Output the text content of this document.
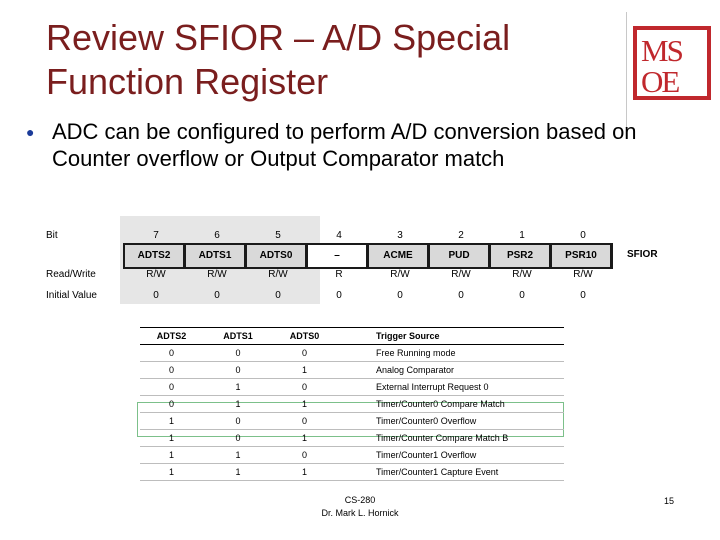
Review SFIOR – A/D Special
Function Register
MS
OE
● ADC can be configured to perform A/D conversion based on Counter overflow or Output Comparator match
Bit
Read/Write
Initial Value
7	6	5	4	3	2	1	0
ADTS2	ADTS1	ADTS0	–	ACME	PUD	PSR2	PSR10	SFIOR
R/W	R/W	R/W	R	R/W	R/W	R/W	R/W
0	0	0	0	0	0	0	0
ADTS2	ADTS1	ADTS0	Trigger Source
0	0	0	Free Running mode
0	0	1	Analog Comparator
0	1	0	External Interrupt Request 0
0	1	1	Timer/Counter0 Compare Match
1	0	0	Timer/Counter0 Overflow
1	0	1	Timer/Counter Compare Match B
1	1	0	Timer/Counter1 Overflow
1	1	1	Timer/Counter1 Capture Event
CS-280
Dr. Mark L. Hornick
15
